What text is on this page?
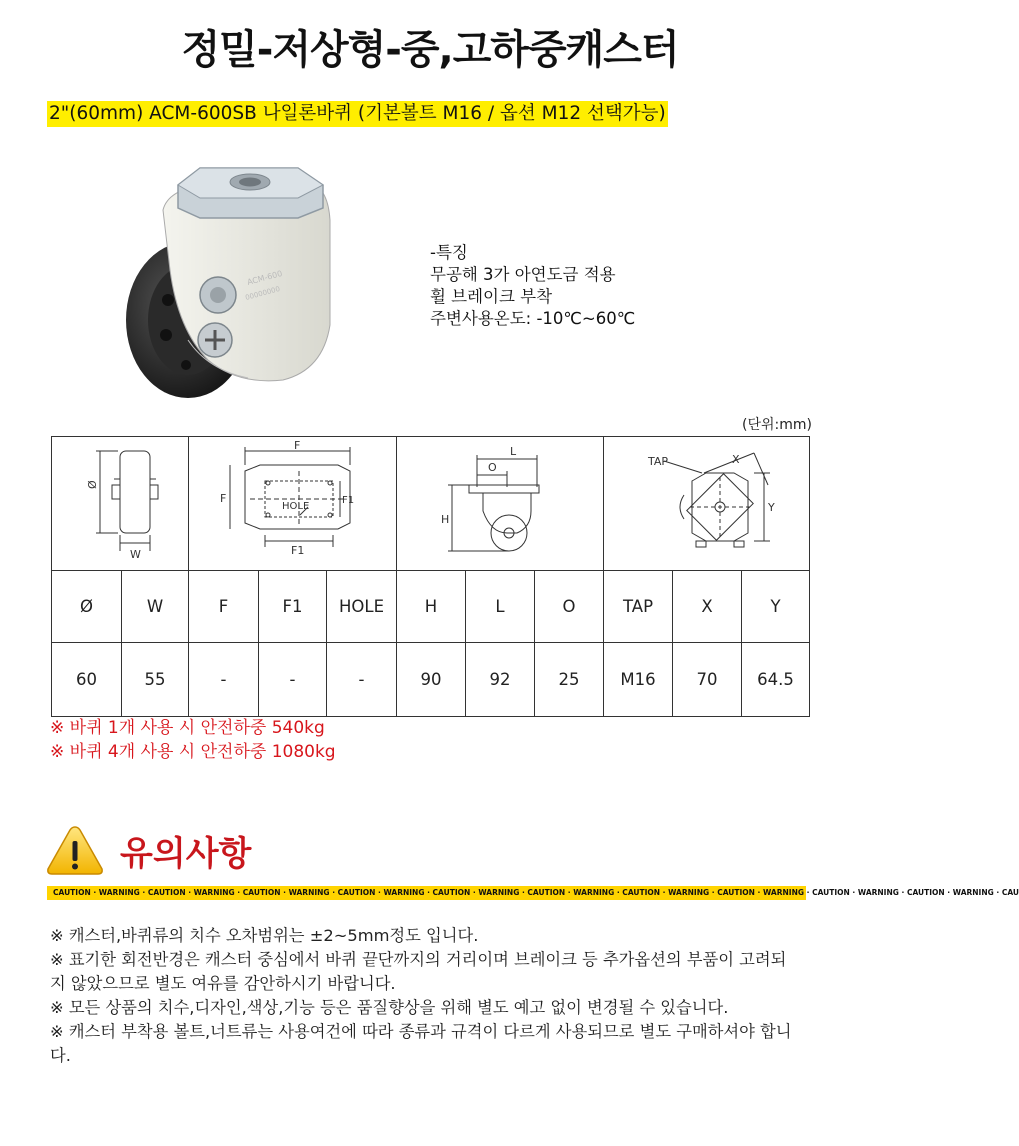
정밀-저상형-중,고하중캐스터
2"(60mm) ACM-600SB 나일론바퀴 (기본볼트 M16 / 옵션 M12 선택가능)
ACM-600
00000000
-특징
무공해 3가 아연도금 적용
휠 브레이크 부착
주변사용온도: -10℃~60℃
(단위:mm)
Ø
W		F
F F1
HOLE
F1			L
O
H			TAP X
Y		

Ø	W	F	F1	HOLE	H	L	O	TAP	X	Y
60	55	-	-	-	90	92	25	M16	70	64.5
※ 바퀴 1개 사용 시 안전하중 540kg
※ 바퀴 4개 사용 시 안전하중 1080kg
유의사항
CAUTION · WARNING · CAUTION · WARNING · CAUTION · WARNING · CAUTION · WARNING · CAUTION · WARNING · CAUTION · WARNING · CAUTION · WARNING · CAUTION · WARNING · CAUTION · WARNING · CAUTION · WARNING · CAU

※ 캐스터,바퀴류의 치수 오차범위는 ±2~5mm정도 입니다.

※ 표기한 회전반경은 캐스터 중심에서 바퀴 끝단까지의 거리이며 브레이크 등 추가옵션의 부품이 고려되지 않았으므로 별도 여유를 감안하시기 바랍니다.

※ 모든 상품의 치수,디자인,색상,기능 등은 품질향상을 위해 별도 예고 없이 변경될 수 있습니다.

※ 캐스터 부착용 볼트,너트류는 사용여건에 따라 종류과 규격이 다르게 사용되므로 별도 구매하셔야 합니다.
